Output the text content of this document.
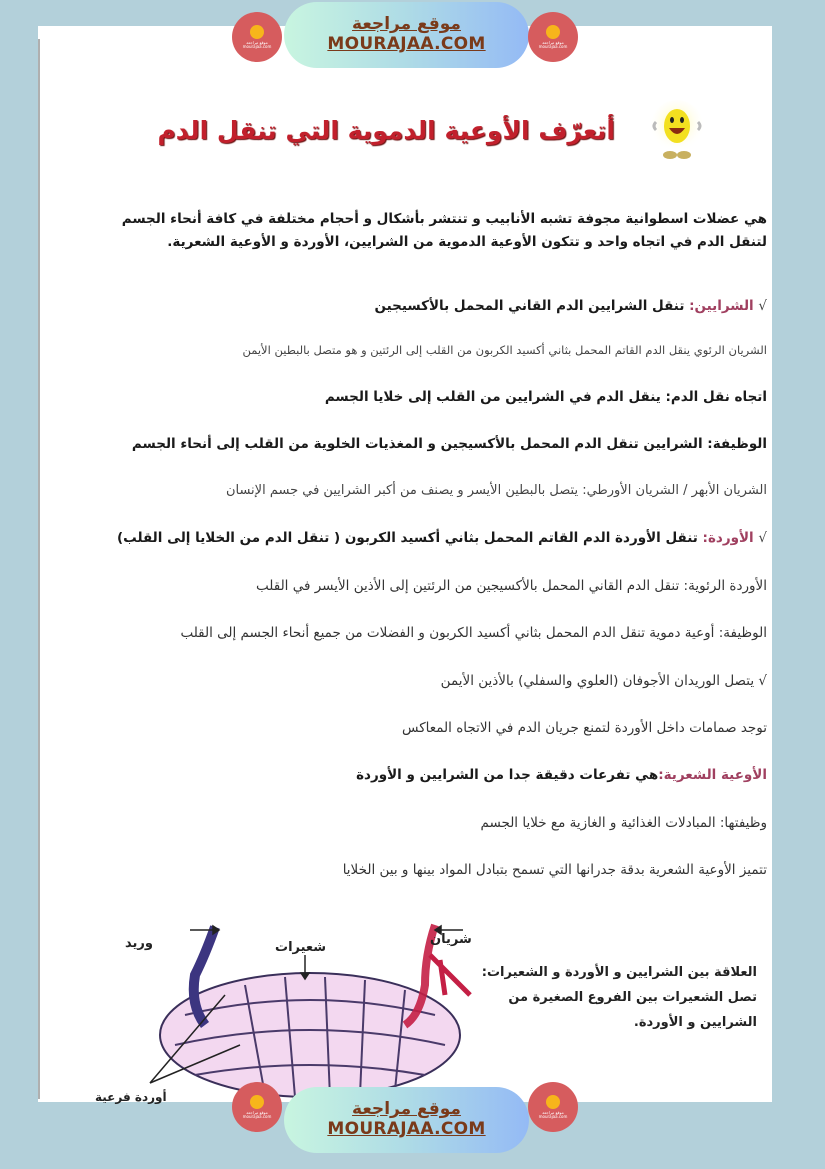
موقع مراجعة
mourajaa.com
موقع مراجعة
MOURAJAA.COM	موقع مراجعة
mourajaa.com
أتعرّف الأوعية الدموية التي تنقل الدم
هي عضلات اسطوانية مجوفة تشبه الأنابيب و تنتشر بأشكال و أحجام مختلفة في كافة أنحاء الجسم لتنقل الدم في اتجاه واحد و تتكون الأوعية الدموية من الشرايين، الأوردة و الأوعية الشعرية.
√ الشرايين: تنقل الشرايين الدم القاني المحمل بالأكسيجين
الشريان الرئوي ينقل الدم القاتم المحمل بثاني أكسيد الكربون من القلب إلى الرئتين و هو متصل بالبطين الأيمن
اتجاه نقل الدم: ينقل الدم في الشرايين من القلب إلى خلايا الجسم
الوظيفة: الشرايين تنقل الدم المحمل بالأكسيجين و المغذيات الخلوية من القلب إلى أنحاء الجسم
الشريان الأبهر / الشريان الأورطي: يتصل بالبطين الأيسر و يصنف من أكبر الشرايين في جسم الإنسان
√ الأوردة: تنقل الأوردة الدم القاتم المحمل بثاني أكسيد الكربون ( تنقل الدم من الخلايا إلى القلب)
الأوردة الرئوية: تنقل الدم القاني المحمل بالأكسيجين من الرئتين إلى الأذين الأيسر في القلب
الوظيفة: أوعية دموية تنقل الدم المحمل بثاني أكسيد الكربون و الفضلات من جميع أنحاء الجسم إلى القلب
√ يتصل الوريدان الأجوفان (العلوي والسفلي) بالأذين الأيمن
توجد صمامات داخل الأوردة لتمنع جريان الدم في الاتجاه المعاكس
الأوعية الشعرية:هي تفرعات دقيقة جدا من الشرايين و الأوردة
وظيفتها: المبادلات الغذائية و الغازية مع خلايا الجسم
تتميز الأوعية الشعرية بدقة جدرانها التي تسمح بتبادل المواد بينها و بين الخلايا
وريد	شريان
شعيرات
أوردة فرعية
العلاقة بين الشرايين و الأوردة و الشعيرات:
تصل الشعيرات بين الفروع الصغيرة من الشرايين و الأوردة.
موقع مراجعة
mourajaa.com	موقع مراجعة
MOURAJAA.COM
موقع مراجعة
mourajaa.com
